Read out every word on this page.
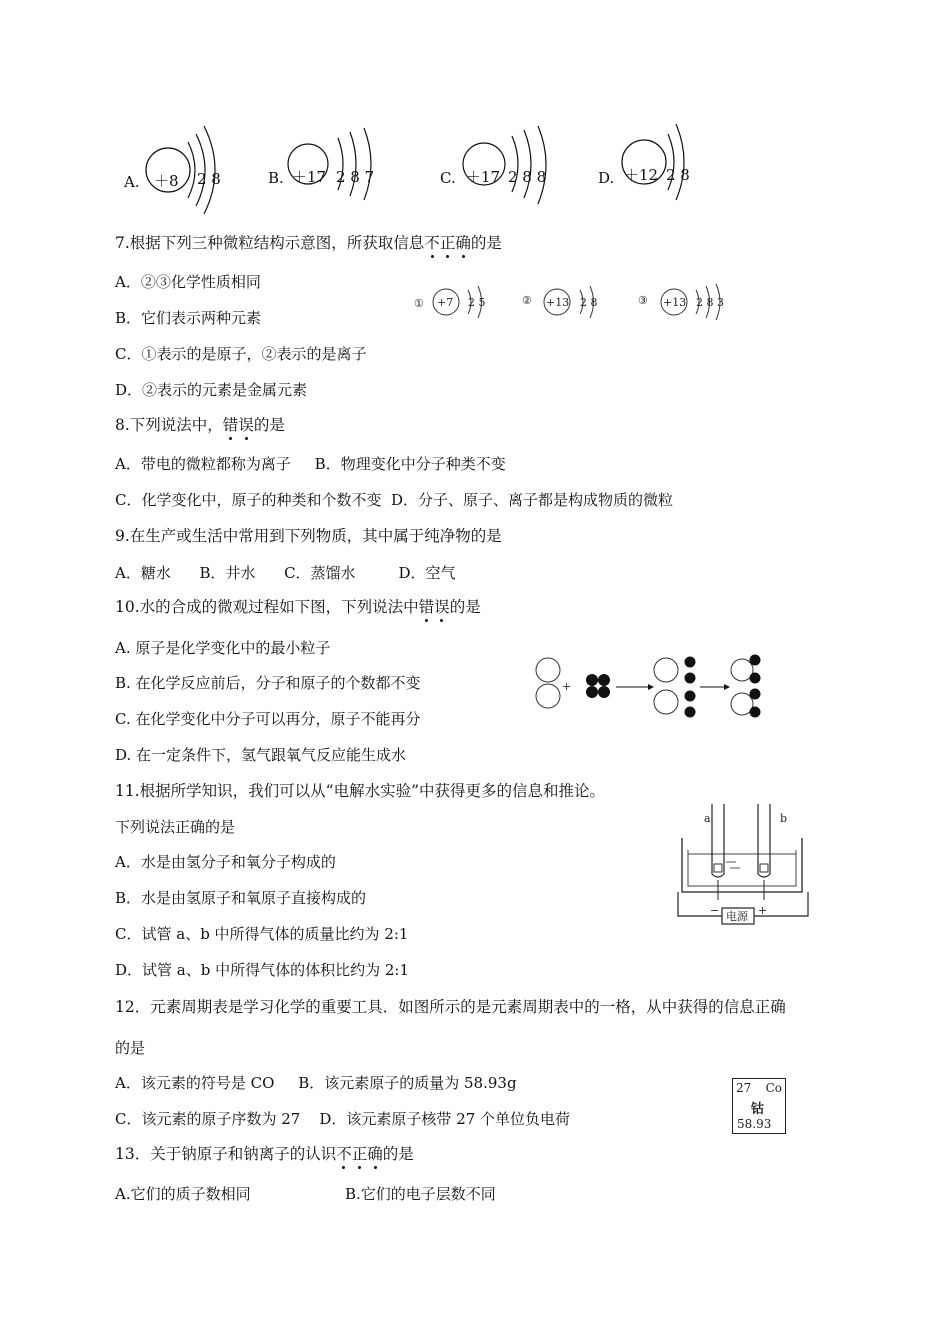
A. ＋8 2 8	B. ＋17 2 8 7	C. ＋17 2 8 8	D. ＋12 2 8
7.根据下列三种微粒结构示意图，所获取信息不正确的是
A．②③化学性质相同
B．它们表示两种元素
C．①表示的是原子，②表示的是离子
D．②表示的元素是金属元素
① +7 2 5	② +13 2 8	③ +13 2 8 3
8.下列说法中，错误的是
A．带电的微粒都称为离子     B．物理变化中分子种类不变
C．化学变化中，原子的种类和个数不变  D．分子、原子、离子都是构成物质的微粒
9.在生产或生活中常用到下列物质，其中属于纯净物的是
A．糖水      B．井水      C．蒸馏水         D．空气
10.水的合成的微观过程如下图，下列说法中错误的是
A. 原子是化学变化中的最小粒子
B. 在化学反应前后，分子和原子的个数都不变
C. 在化学变化中分子可以再分，原子不能再分
D. 在一定条件下，氢气跟氧气反应能生成水
+
11.根据所学知识，我们可以从“电解水实验”中获得更多的信息和推论。
下列说法正确的是
A．水是由氢分子和氧分子构成的
B．水是由氢原子和氧原子直接构成的
C．试管 a、b 中所得气体的质量比约为 2:1
D．试管 a、b 中所得气体的体积比约为 2:1
a	b
− 电源 +
12．元素周期表是学习化学的重要工具．如图所示的是元素周期表中的一格，从中获得的信息正确
的是
A．该元素的符号是 CO     B．该元素原子的质量为 58.93g
C．该元素的原子序数为 27    D．该元素原子核带 27 个单位负电荷
27 Co
钴
58.93
13．关于钠原子和钠离子的认识不正确的是
A.它们的质子数相同	B.它们的电子层数不同
